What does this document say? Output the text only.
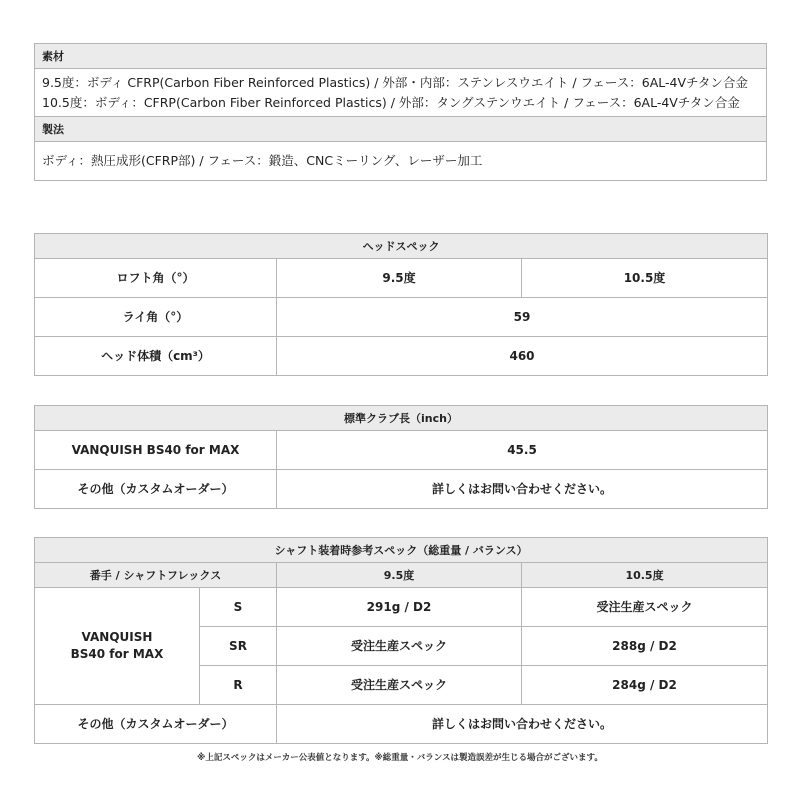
素材

9.5度：ボディ CFRP(Carbon Fiber Reinforced Plastics) / 外部・内部：ステンレスウエイト / フェース：6AL-4Vチタン合金
10.5度：ボディ：CFRP(Carbon Fiber Reinforced Plastics) / 外部：タングステンウエイト / フェース：6AL-4Vチタン合金

製法
ボディ：熱圧成形(CFRP部) / フェース：鍛造、CNCミーリング、レーザー加工
ヘッドスペック		
ロフト角（°）	9.5度	10.5度
ライ角（°）	59	
ヘッド体積（cm³）	460	
標準クラブ長（inch）	
VANQUISH BS40 for MAX	45.5
その他（カスタムオーダー）	詳しくはお問い合わせください。
シャフト装着時参考スペック（総重量 / バランス）			
番手 / シャフトフレックス		9.5度	10.5度

VANQUISH
BS40 for MAX	S	291g / D2	受注生産スペック
	SR	受注生産スペック	288g / D2
	R	受注生産スペック	284g / D2
その他（カスタムオーダー）		詳しくはお問い合わせください。	
※上記スペックはメーカー公表値となります。※総重量・バランスは製造誤差が生じる場合がございます。
